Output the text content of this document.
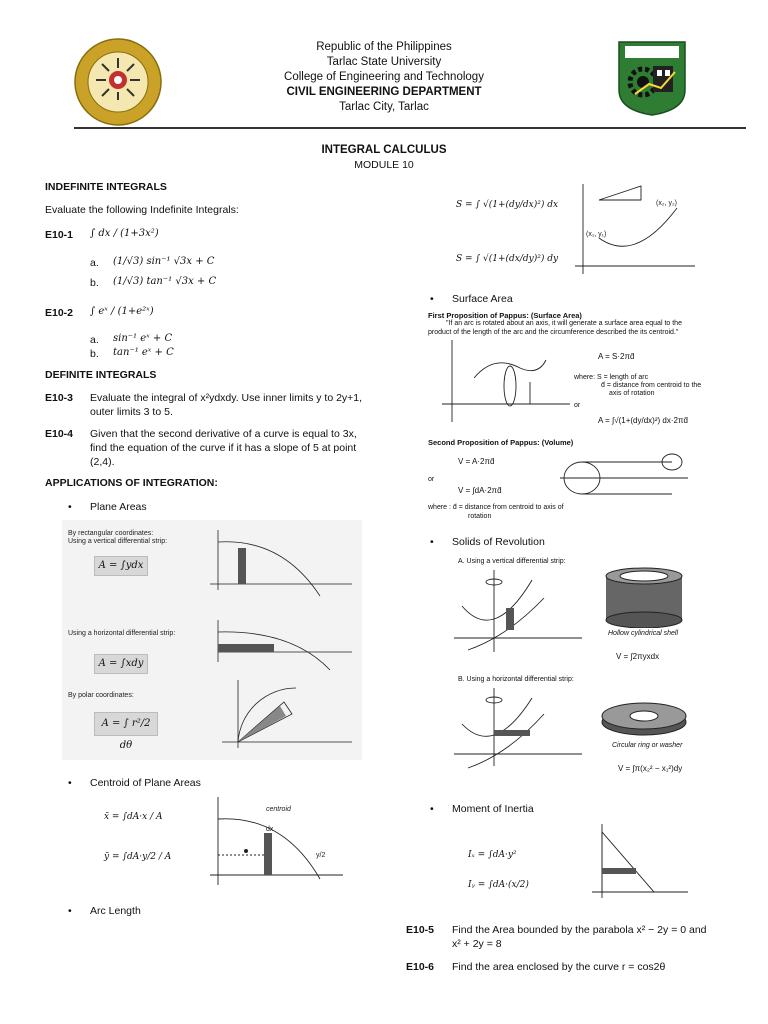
Republic of the Philippines
Tarlac State University
College of Engineering and Technology
CIVIL ENGINEERING DEPARTMENT
Tarlac City, Tarlac
INTEGRAL CALCULUS
MODULE 10
INDEFINITE INTEGRALS
Evaluate the following Indefinite Integrals:
E10-1 ∫ dx / (1+3x²)
a. (1/√3) sin⁻¹ √3x + C
b. (1/√3) tan⁻¹ √3x + C
E10-2 ∫ eˣ / (1+e²ˣ)
a. sin⁻¹ eˣ + C
b. tan⁻¹ eˣ + C
DEFINITE INTEGRALS
E10-3 Evaluate the integral of x²ydxdy. Use inner limits y to 2y+1,
outer limits 3 to 5.
E10-4 Given that the second derivative of a curve is equal to 3x,
find the equation of the curve if it has a slope of 5 at point
(2,4).
APPLICATIONS OF INTEGRATION:
• Plane Areas
By rectangular coordinates:
Using a vertical differential strip:
A = ∫ydx
Using a horizontal differential strip:
A = ∫xdy
By polar coordinates:
A = ∫ r²/2 dθ
• Centroid of Plane Areas
x̄ = ∫dA·x / A
ȳ = ∫dA·y/2 / A
centroid
dx
y/2
• Arc Length
S = ∫ √(1+(dy/dx)²) dx
S = ∫ √(1+(dx/dy)²) dy
(x₁, y₁)
(x₂, y₂)
• Surface Area
First Proposition of Pappus: (Surface Area)
"If an arc is rotated about an axis, it will generate a surface area equal to the
product of the length of the arc and the circumference described the its centroid."
A = S·2πd̄
where: S = length of arc
d̄ = distance from centroid to the
axis of rotation
or
A = ∫√(1+(dy/dx)²) dx·2πd̄
Second Proposition of Pappus: (Volume)
V = A·2πd̄
or
V = ∫dA·2πd̄
where : d̄ = distance from centroid to axis of
rotation
• Solids of Revolution
A. Using a vertical differential strip:
Hollow cylindrical shell
V = ∫2πyxdx
B. Using a horizontal differential strip:
Circular ring or washer
V = ∫π(x₂² − x₁²)dy
• Moment of Inertia
Iₓ = ∫dA·y²
Iᵧ = ∫dA·(x/2)
E10-5 Find the Area bounded by the parabola x² − 2y = 0 and
x² + 2y = 8
E10-6 Find the area enclosed by the curve r = cos2θ
